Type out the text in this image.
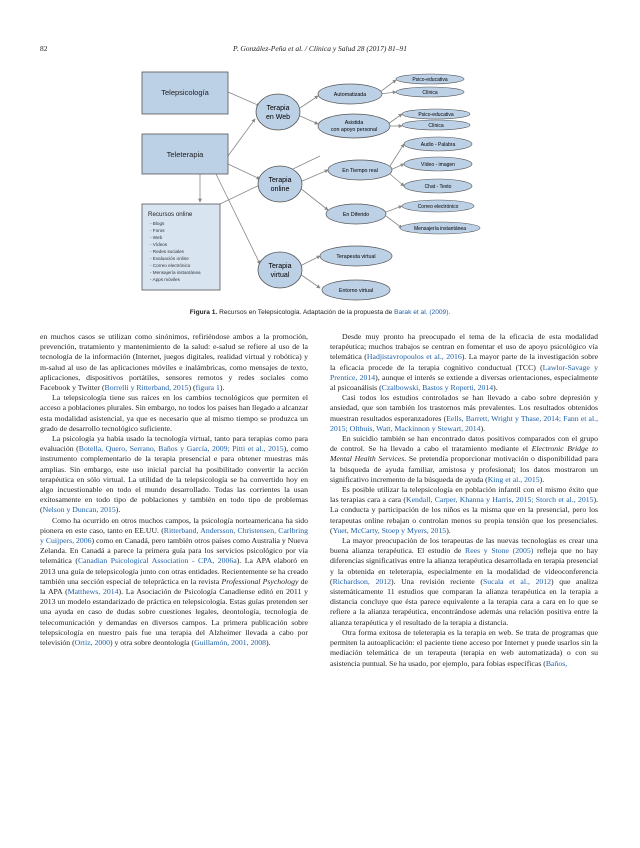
82	P. González-Peña et al. / Clínica y Salud 28 (2017) 81–91
Telepsicología
Teleterapia
Terapia
en Web
Terapia
online
Terapia
virtual
Automatizada
Asistida
con apoyo personal
En Tiempo real
En Diferido
Terapeuta virtual
Entorno virtual
Psico-educativa
Clínica
Psico-educativa
Clínica
Audio - Palabra
Vídeo - imagen
Chat - Texto
Correo electrónico
Mensajería instantánea
Recursos online
- Blogs
- Foros
- Web
- Vídeos
- Redes sociales
- Evaluación online
- Correo electrónico
- Mensajería instantánea
- Apps móviles
Figura 1. Recursos en Telepsicología. Adaptación de la propuesta de Barak et al. (2009).

en muchos casos se utilizan como sinónimos, refiriéndose ambos a la promoción, prevención, tratamiento y mantenimiento de la salud: e-salud se refiere al uso de la tecnología de la información (Internet, juegos digitales, realidad virtual y robótica) y m-salud al uso de las aplicaciones móviles e inalámbricas, como mensajes de texto, aplicaciones, dispositivos portátiles, sensores remotos y redes sociales como Facebook y Twitter (Borrelli y Ritterband, 2015) (figura 1).

La telepsicología tiene sus raíces en los cambios tecnológicos que permiten el acceso a poblaciones plurales. Sin embargo, no todos los países han llegado a alcanzar esta modalidad asistencial, ya que es necesario que al mismo tiempo se produzca un grado de desarrollo tecnológico suficiente.

La psicología ya había usado la tecnología virtual, tanto para terapias como para evaluación (Botella, Quero, Serrano, Baños y García, 2009; Pitti et al., 2015), como instrumento complementario de la terapia presencial e para obtener muestras más amplias. Sin embargo, este uso inicial parcial ha posibilitado convertir la acción terapéutica en sólo virtual. La utilidad de la telepsicología se ha convertido hoy en algo incuestionable en todo el mundo desarrollado. Todas las corrientes la usan exitosamente en todo tipo de poblaciones y también en todo tipo de problemas (Nelson y Duncan, 2015).

Como ha ocurrido en otros muchos campos, la psicología norteamericana ha sido pionera en este caso, tanto en EE.UU. (Ritterband, Andersson, Christensen, Carlbring y Cuijpers, 2006) como en Canadá, pero también otros países como Australia y Nueva Zelanda. En Canadá a parece la primera guía para los servicios psicológico por vía telemática (Canadian Psicological Association - CPA, 2006a). La APA elaboró en 2013 una guía de telepsicología junto con otras entidades. Recientemente se ha creado también una sección especial de telepráctica en la revista Professional Psychology de la APA (Matthews, 2014). La Asociación de Psicología Canadiense editó en 2011 y 2013 un modelo estandarizado de práctica en telepsicología. Estas guías pretenden ser una ayuda en caso de dudas sobre cuestiones legales, deontología, tecnología de telecomunicación y demandas en diversos campos. La primera publicación sobre telepsicología en nuestro país fue una terapia del Alzheimer llevada a cabo por televisión (Ortiz, 2000) y otra sobre deontología (Guillamón, 2001, 2008).

Desde muy pronto ha preocupado el tema de la eficacia de esta modalidad terapéutica; muchos trabajos se centran en fomentar el uso de apoyo psicológico vía telemática (Hadjistavropoulos et al., 2016). La mayor parte de la investigación sobre la eficacia procede de la terapia cognitivo conductual (TCC) (Lawlor-Savage y Prentice, 2014), aunque el interés se extiende a diversas orientaciones, especialmente al psicoanálisis (Czalbowski, Bastos y Roperti, 2014).

Casi todos los estudios controlados se han llevado a cabo sobre depresión y ansiedad, que son también los trastornos más prevalentes. Los resultados obtenidos muestran resultados esperanzadores (Eells, Barrett, Wright y Thase, 2014; Fann et al., 2015; Olthuis, Watt, Mackinnon y Stewart, 2014).

En suicidio también se han encontrado datos positivos comparados con el grupo de control. Se ha llevado a cabo el tratamiento mediante el Electronic Bridge to Mental Health Services. Se pretendía proporcionar motivación o disponibilidad para la búsqueda de ayuda familiar, amistosa y profesional; los datos mostraron un significativo incremento de la búsqueda de ayuda (King et al., 2015).

Es posible utilizar la telepsicología en población infantil con el mismo éxito que las terapias cara a cara (Kendall, Carper, Khanna y Harris, 2015; Storch et al., 2015). La conducta y participación de los niños es la misma que en la presencial, pero los terapeutas online rebajan o controlan menos su propia tensión que los presenciales. (Yuet, McCarty, Stoep y Myers, 2015).

La mayor preocupación de los terapeutas de las nuevas tecnologías es crear una buena alianza terapéutica. El estudio de Rees y Stone (2005) refleja que no hay diferencias significativas entre la alianza terapéutica desarrollada en terapia presencial y la obtenida en teleterapia, especialmente en la modalidad de videoconferencia (Richardson, 2012). Una revisión reciente (Sucala et al., 2012) que analiza sistemáticamente 11 estudios que comparan la alianza terapéutica en la terapia a distancia concluye que ésta parece equivalente a la terapia cara a cara en lo que se refiere a la alianza terapéutica, encontrándose además una relación positiva entre la alianza terapéutica y el resultado de la terapia a distancia.

Otra forma exitosa de teleterapia es la terapia en web. Se trata de programas que permiten la autoaplicación: el paciente tiene acceso por Internet y puede usarlos sin la mediación telemática de un terapeuta (terapia en web automatizada) o con su asistencia puntual. Se ha usado, por ejemplo, para fobias específicas (Baños,
